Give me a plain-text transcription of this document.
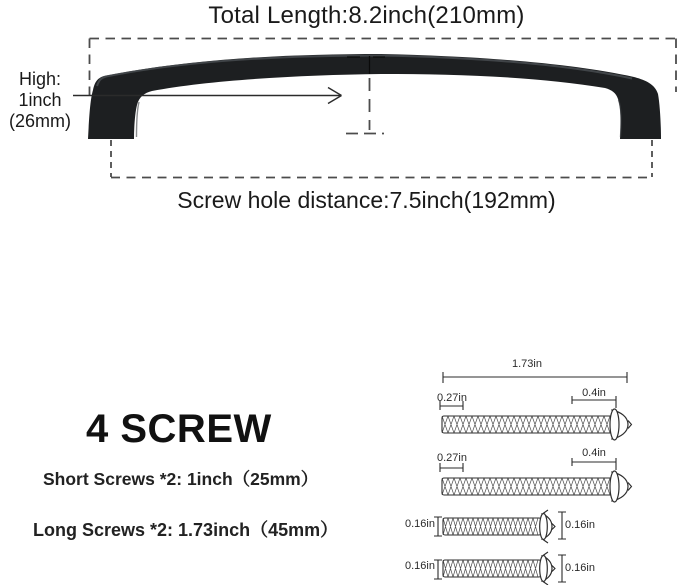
Total Length:8.2inch(210mm)
High:
1inch
(26mm)
Screw hole distance:7.5inch(192mm)
4 SCREW
Short Screws *2: 1inch（25mm）
Long Screws *2: 1.73inch（45mm）
1.73in
0.27in	0.4in
0.27in	0.4in
0.16in	0.16in
0.16in	0.16in
